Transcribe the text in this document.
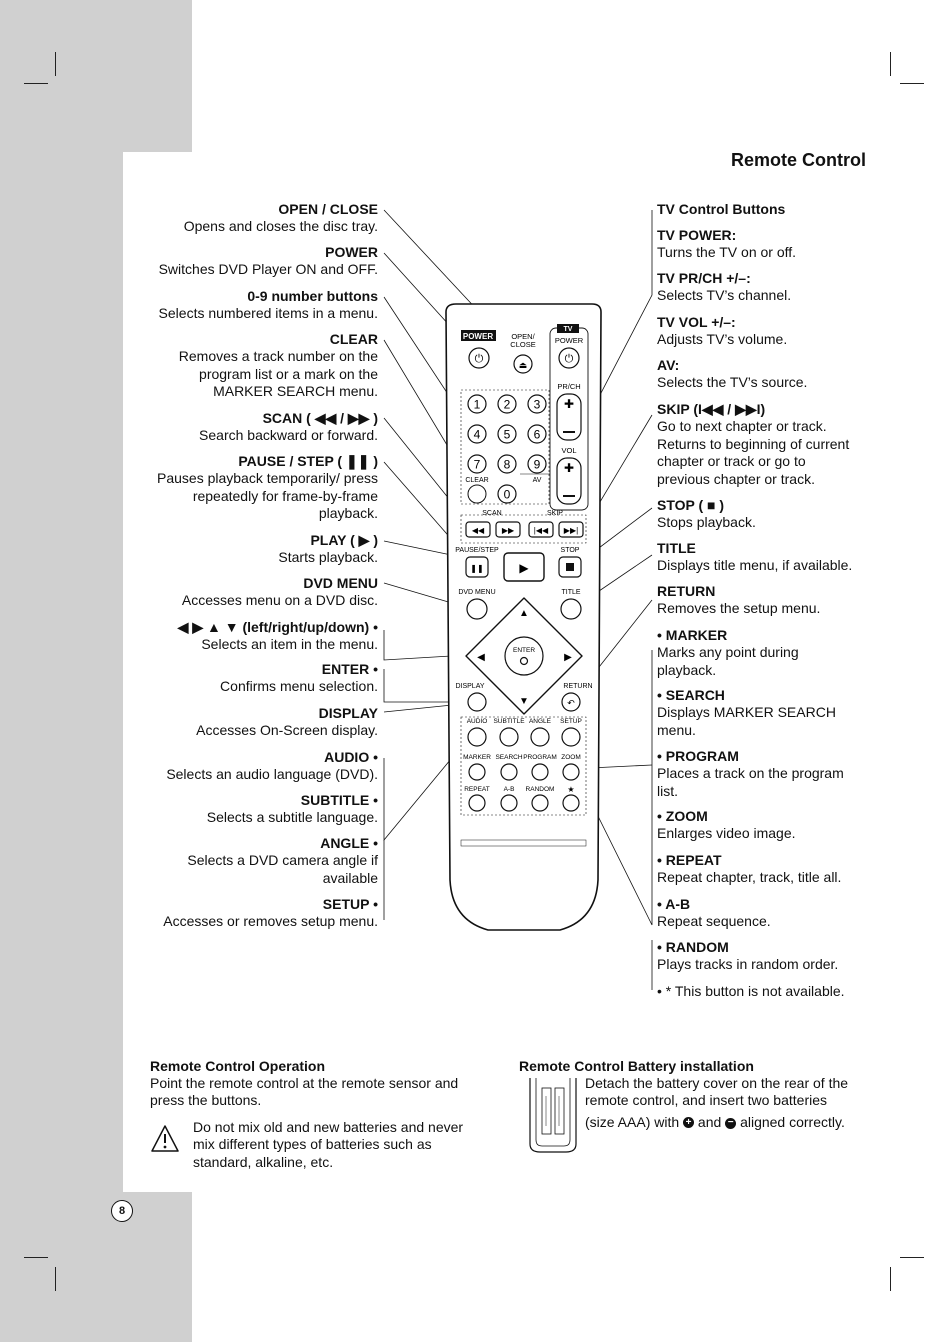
Remote Control
OPEN / CLOSE
Opens and closes the disc tray.
POWER
Switches DVD Player ON and OFF.
0-9 number buttons
Selects numbered items in a menu.
CLEAR
Removes a track number on the
program list or a mark on the
MARKER SEARCH menu.
SCAN ( ◀◀ / ▶▶ )
Search backward or forward.
PAUSE / STEP ( ❚❚ )
Pauses playback temporarily/ press
repeatedly for frame-by-frame
playback.
PLAY ( ▶ )
Starts playback.
DVD MENU
Accesses menu on a DVD disc.
◀ ▶ ▲ ▼ (left/right/up/down) •
Selects an item in the menu.
ENTER •
Confirms menu selection.
DISPLAY
Accesses On-Screen display.
AUDIO •
Selects an audio language (DVD).
SUBTITLE •
Selects a subtitle language.
ANGLE •
Selects a DVD camera angle if
available
SETUP •
Accesses or removes setup menu.
TV Control Buttons
TV POWER:
Turns the TV on or off.
TV PR/CH +/–:
Selects TV’s channel.
TV VOL +/–:
Adjusts TV’s volume.
AV:
Selects the TV’s source.
SKIP (I◀◀ / ▶▶I)
Go to next chapter or track.
Returns to beginning of current
chapter or track or go to
previous chapter or track.
STOP ( ■ )
Stops playback.
TITLE
Displays title menu, if available.
RETURN
Removes the setup menu.
• MARKER
Marks any point during
playback.
• SEARCH
Displays MARKER SEARCH
menu.
• PROGRAM
Places a track on the program
list.
• ZOOM
Enlarges video image.
• REPEAT
Repeat chapter, track, title all.
• A-B
Repeat sequence.
• RANDOM
Plays tracks in random order.
• * This button is not available.
POWER
⏻
OPEN/
CLOSE
⏏
TV
POWER
⏻
PR/CH
✚
VOL
✚
1 2 3
4 5 6
7 8 9
0
CLEAR	AV
SCAN	SKIP
◀◀ ▶▶ |◀◀ ▶▶|
PAUSE/STEP	STOP
❚❚	▶
DVD MENU	TITLE
▲
▼
◀	▶
ENTER
DISPLAY	RETURN
↶
AUDIO SUBTITLE ANGLE SETUP
MARKER SEARCH PROGRAM ZOOM
REPEAT A-B RANDOM ★
Remote Control Operation
Point the remote control at the remote sensor and
press the buttons.
Do not mix old and new batteries and never
mix different types of batteries such as
standard, alkaline, etc.
Remote Control Battery installation
Detach the battery cover on the rear of the
remote control, and insert two batteries
(size AAA) with + and − aligned correctly.
8
